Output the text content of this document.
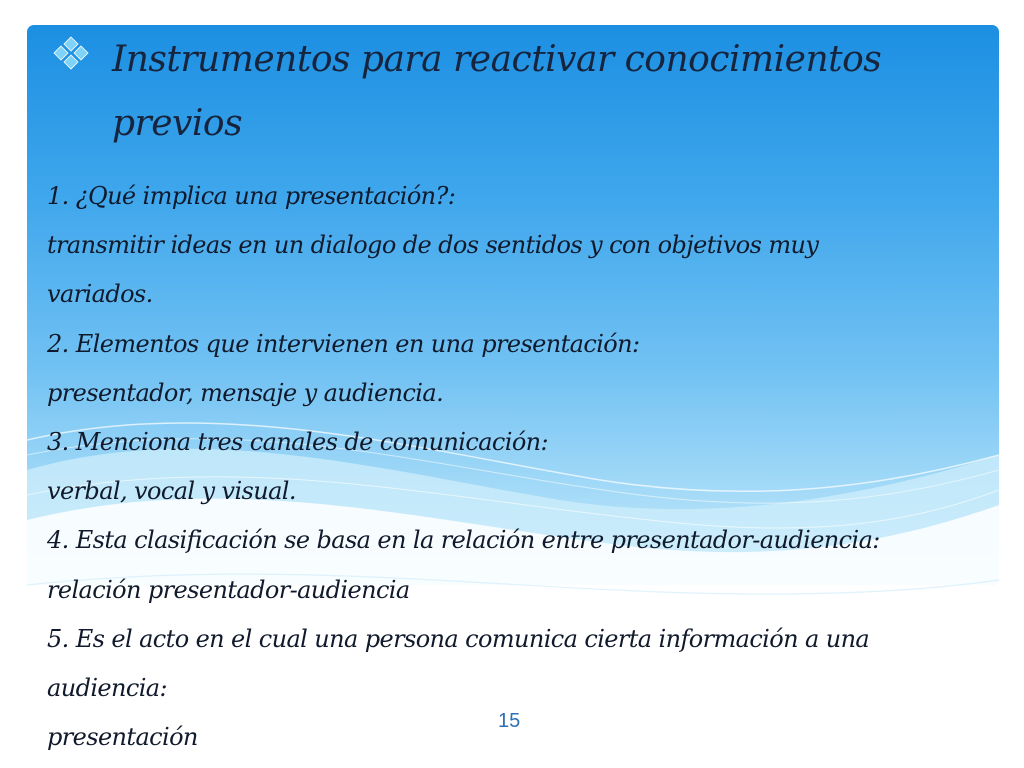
Instrumentos para reactivar conocimientos previos
1. ¿Qué implica una presentación?:
transmitir ideas en un dialogo de dos sentidos y con objetivos muy
variados.
2. Elementos que intervienen en una presentación:
presentador, mensaje y audiencia.
3. Menciona tres canales de comunicación:
verbal, vocal y visual.
4. Esta clasificación se basa en la relación entre presentador-audiencia:
relación presentador-audiencia
5. Es el acto en el cual una persona comunica cierta información a una
audiencia:
presentación
15
